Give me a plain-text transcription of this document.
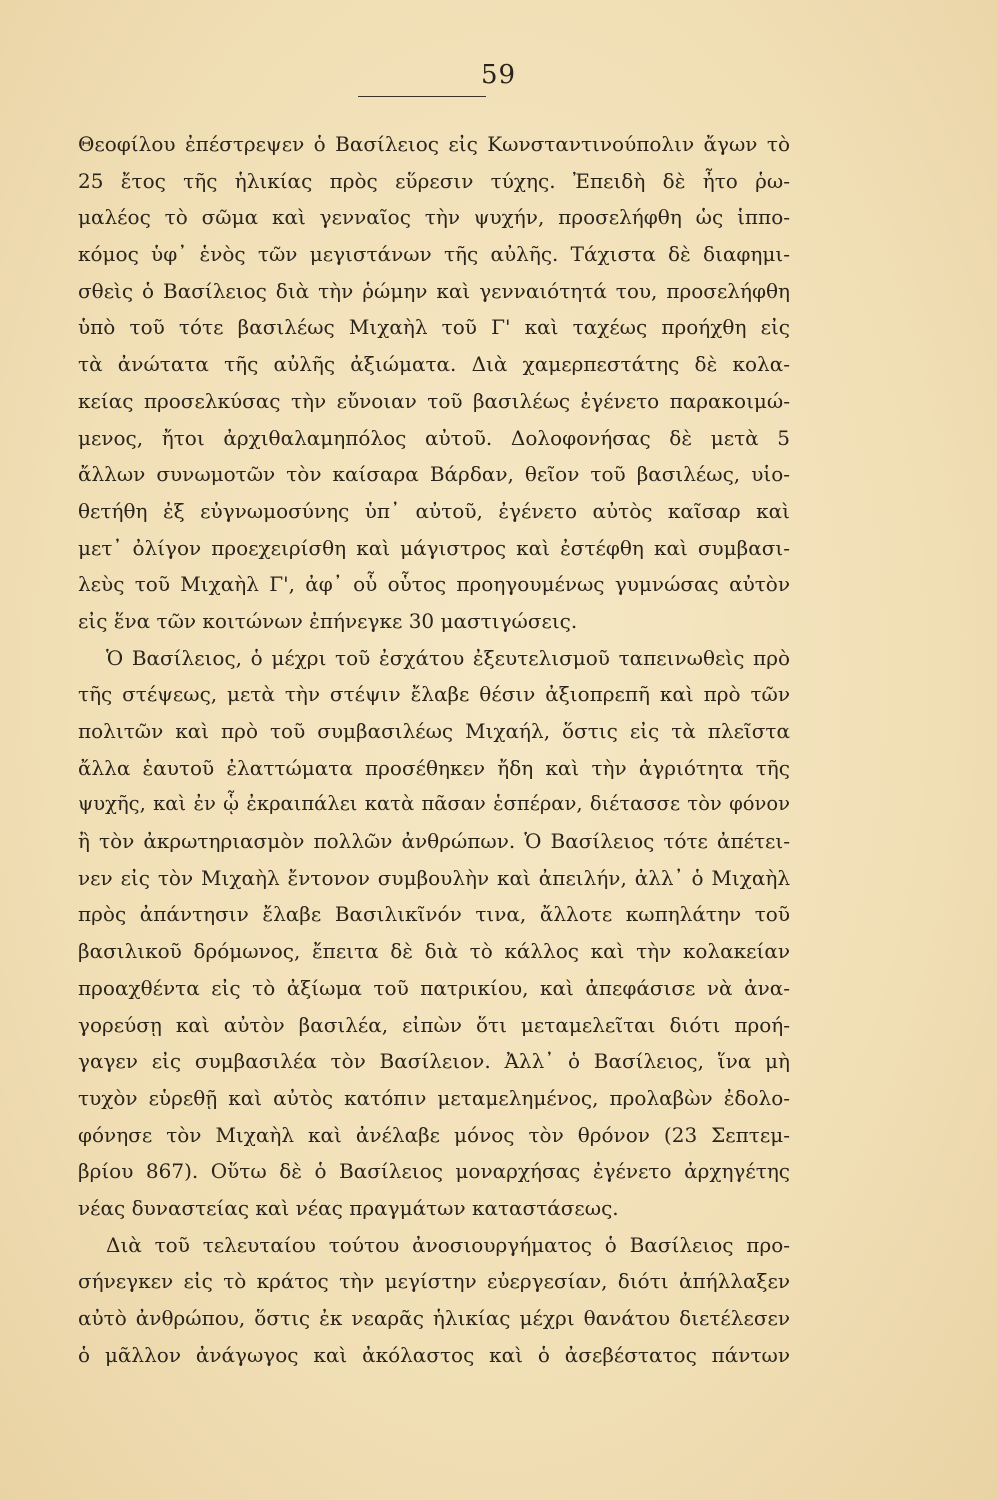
59
Θεοφίλου ἐπέστρεψεν ὁ Βασίλειος εἰς Κωνσταντινούπολιν ἄγων τὸ
25 ἔτος τῆς ἡλικίας πρὸς εὕρεσιν τύχης. Ἐπειδὴ δὲ ἦτο ῥω-
μαλέος τὸ σῶμα καὶ γενναῖος τὴν ψυχήν, προσελήφθη ὡς ἱππο-
κόμος ὑφ᾽ ἑνὸς τῶν μεγιστάνων τῆς αὐλῆς. Τάχιστα δὲ διαφημι-
σθεὶς ὁ Βασίλειος διὰ τὴν ῥώμην καὶ γενναιότητά του, προσελήφθη
ὑπὸ τοῦ τότε βασιλέως Μιχαὴλ τοῦ Γ' καὶ ταχέως προήχθη εἰς
τὰ ἀνώτατα τῆς αὐλῆς ἀξιώματα. Διὰ χαμερπεστάτης δὲ κολα-
κείας προσελκύσας τὴν εὔνοιαν τοῦ βασιλέως ἐγένετο παρακοιμώ-
μενος, ἤτοι ἀρχιθαλαμηπόλος αὐτοῦ. Δολοφονήσας δὲ μετὰ 5
ἄλλων συνωμοτῶν τὸν καίσαρα Βάρδαν, θεῖον τοῦ βασιλέως, υἱο-
θετήθη ἐξ εὐγνωμοσύνης ὑπ᾽ αὐτοῦ, ἐγένετο αὐτὸς καῖσαρ καὶ
μετ᾽ ὀλίγον προεχειρίσθη καὶ μάγιστρος καὶ ἐστέφθη καὶ συμβασι-
λεὺς τοῦ Μιχαὴλ Γ', ἀφ᾽ οὗ οὗτος προηγουμένως γυμνώσας αὐτὸν
εἰς ἕνα τῶν κοιτώνων ἐπήνεγκε 30 μαστιγώσεις.
Ὁ Βασίλειος, ὁ μέχρι τοῦ ἐσχάτου ἐξευτελισμοῦ ταπεινωθεὶς πρὸ
τῆς στέψεως, μετὰ τὴν στέψιν ἔλαβε θέσιν ἀξιοπρεπῆ καὶ πρὸ τῶν
πολιτῶν καὶ πρὸ τοῦ συμβασιλέως Μιχαήλ, ὅστις εἰς τὰ πλεῖστα
ἄλλα ἑαυτοῦ ἐλαττώματα προσέθηκεν ἤδη καὶ τὴν ἀγριότητα τῆς
ψυχῆς, καὶ ἐν ᾧ ἐκραιπάλει κατὰ πᾶσαν ἑσπέραν, διέτασσε τὸν φόνον
ἢ τὸν ἀκρωτηριασμὸν πολλῶν ἀνθρώπων. Ὁ Βασίλειος τότε ἀπέτει-
νεν εἰς τὸν Μιχαὴλ ἔντονον συμβουλὴν καὶ ἀπειλήν, ἀλλ᾽ ὁ Μιχαὴλ
πρὸς ἀπάντησιν ἔλαβε Βασιλικῖνόν τινα, ἄλλοτε κωπηλάτην τοῦ
βασιλικοῦ δρόμωνος, ἔπειτα δὲ διὰ τὸ κάλλος καὶ τὴν κολακείαν
προαχθέντα εἰς τὸ ἀξίωμα τοῦ πατρικίου, καὶ ἀπεφάσισε νὰ ἀνα-
γορεύσῃ καὶ αὐτὸν βασιλέα, εἰπὼν ὅτι μεταμελεῖται διότι προή-
γαγεν εἰς συμβασιλέα τὸν Βασίλειον. Ἀλλ᾽ ὁ Βασίλειος, ἵνα μὴ
τυχὸν εὑρεθῇ καὶ αὐτὸς κατόπιν μεταμελημένος, προλαβὼν ἐδολο-
φόνησε τὸν Μιχαὴλ καὶ ἀνέλαβε μόνος τὸν θρόνον (23 Σεπτεμ-
βρίου 867). Οὕτω δὲ ὁ Βασίλειος μοναρχήσας ἐγένετο ἀρχηγέτης
νέας δυναστείας καὶ νέας πραγμάτων καταστάσεως.
Διὰ τοῦ τελευταίου τούτου ἀνοσιουργήματος ὁ Βασίλειος προ-
σήνεγκεν εἰς τὸ κράτος τὴν μεγίστην εὐεργεσίαν, διότι ἀπήλλαξεν
αὐτὸ ἀνθρώπου, ὅστις ἐκ νεαρᾶς ἡλικίας μέχρι θανάτου διετέλεσεν
ὁ μᾶλλον ἀνάγωγος καὶ ἀκόλαστος καὶ ὁ ἀσεβέστατος πάντων
